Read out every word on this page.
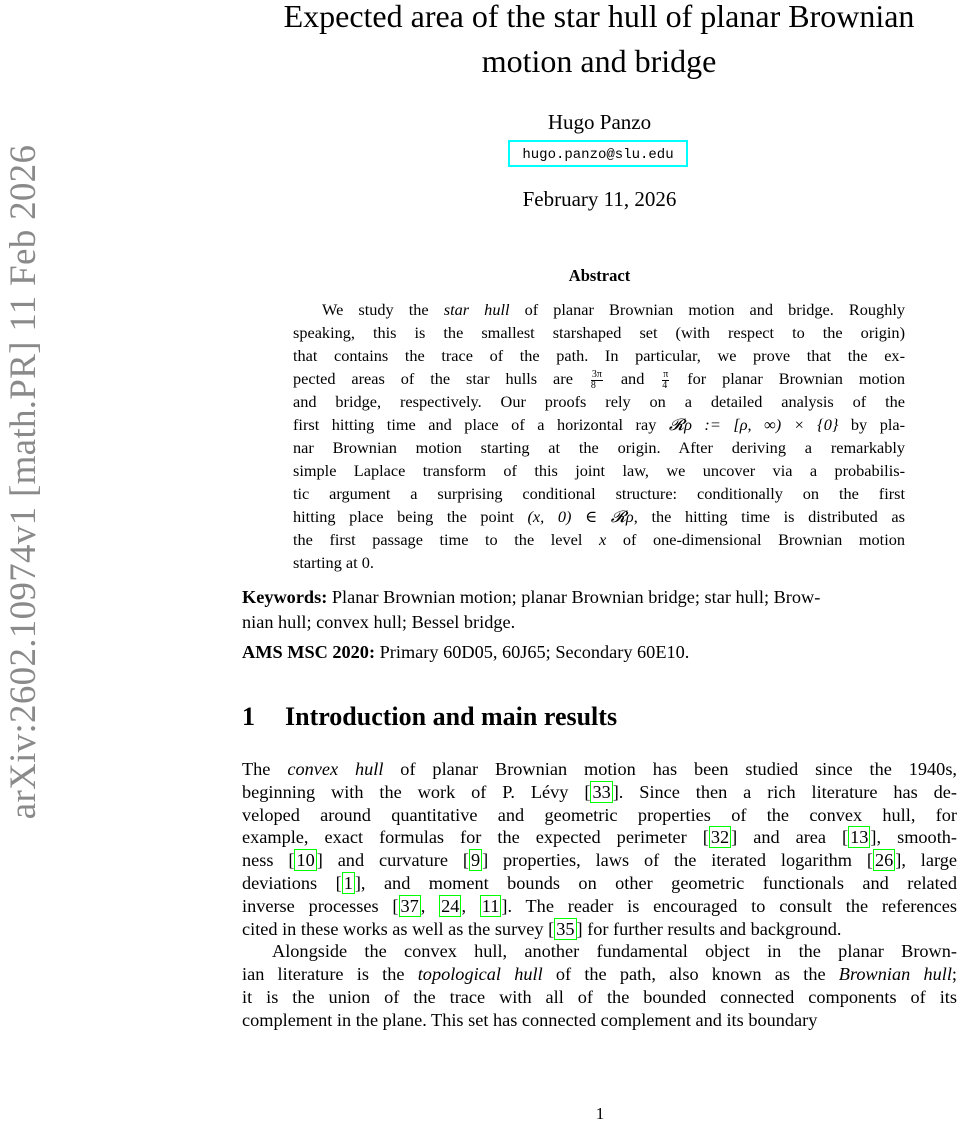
arXiv:2602.10974v1 [math.PR] 11 Feb 2026
Expected area of the star hull of planar Brownian
motion and bridge
Hugo Panzo
hugo.panzo@slu.edu
February 11, 2026
Abstract
We study the star hull of planar Brownian motion and bridge. Roughly
speaking, this is the smallest starshaped set (with respect to the origin)
that contains the trace of the path. In particular, we prove that the ex-
pected areas of the star hulls are $\frac{3\pi}{8}$ and $\frac{\pi}{4}$ for planar Brownian motion
and bridge, respectively. Our proofs rely on a detailed analysis of the
first hitting time and place of a horizontal ray 𝓡ρ := [ρ, ∞) × {0} by pla-
nar Brownian motion starting at the origin. After deriving a remarkably
simple Laplace transform of this joint law, we uncover via a probabilis-
tic argument a surprising conditional structure: conditionally on the first
hitting place being the point (x, 0) ∈ 𝓡ρ, the hitting time is distributed as
the first passage time to the level x of one-dimensional Brownian motion
starting at 0.
Keywords: Planar Brownian motion; planar Brownian bridge; star hull; Brow-
nian hull; convex hull; Bessel bridge.
AMS MSC 2020: Primary 60D05, 60J65; Secondary 60E10.
1 Introduction and main results
The convex hull of planar Brownian motion has been studied since the 1940s,
beginning with the work of P. Lévy [ 33 ]. Since then a rich literature has de-
veloped around quantitative and geometric properties of the convex hull, for
example, exact formulas for the expected perimeter [ 32 ] and area [ 13 ], smooth-
ness [ 10 ] and curvature [ 9 ] properties, laws of the iterated logarithm [ 26 ], large
deviations [ 1 ], and moment bounds on other geometric functionals and related
inverse processes [ 37 , 24 , 11 ]. The reader is encouraged to consult the references
cited in these works as well as the survey [ 35 ] for further results and background.
Alongside the convex hull, another fundamental object in the planar Brown-
ian literature is the topological hull of the path, also known as the Brownian hull;
it is the union of the trace with all of the bounded connected components of its
complement in the plane. This set has connected complement and its boundary
1
